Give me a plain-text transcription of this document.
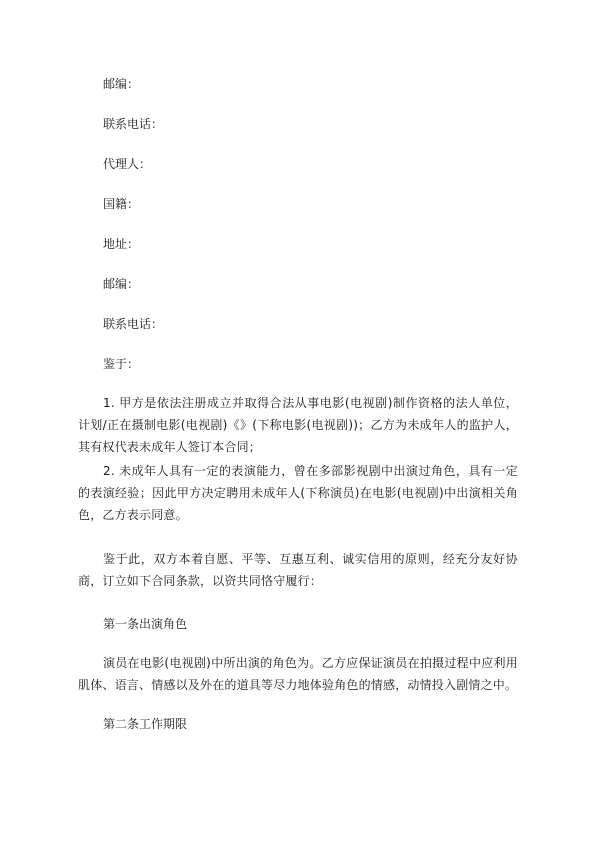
邮编：
联系电话：
代理人：
国籍：
地址：
邮编：
联系电话：
鉴于：
1. 甲方是依法注册成立并取得合法从事电影(电视剧)制作资格的法人单位，计划/正在摄制电影(电视剧)《》(下称电影(电视剧))；乙方为未成年人的监护人，其有权代表未成年人签订本合同；
2. 未成年人具有一定的表演能力，曾在多部影视剧中出演过角色，具有一定的表演经验；因此甲方决定聘用未成年人(下称演员)在电影(电视剧)中出演相关角色，乙方表示同意。
鉴于此，双方本着自愿、平等、互惠互利、诚实信用的原则，经充分友好协商，订立如下合同条款，以资共同恪守履行：
第一条出演角色
演员在电影(电视剧)中所出演的角色为。乙方应保证演员在拍摄过程中应利用肌体、语言、情感以及外在的道具等尽力地体验角色的情感，动情投入剧情之中。
第二条工作期限
